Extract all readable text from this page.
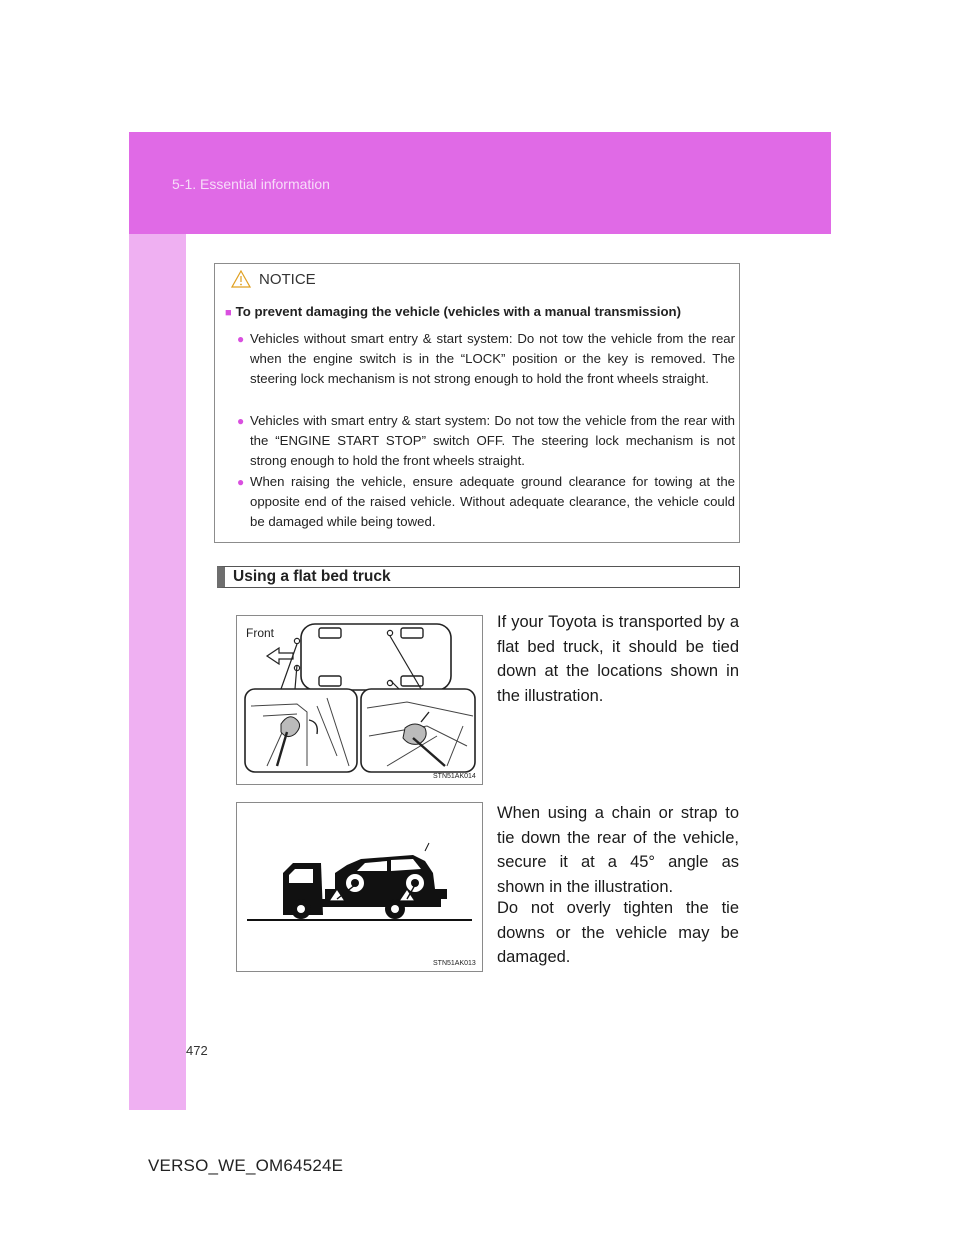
5-1. Essential information
NOTICE
■ To prevent damaging the vehicle (vehicles with a manual transmission)
● Vehicles without smart entry & start system: Do not tow the vehicle from the rear when the engine switch is in the “LOCK” position or the key is removed. The steering lock mechanism is not strong enough to hold the front wheels straight.
● Vehicles with smart entry & start system: Do not tow the vehicle from the rear with the “ENGINE START STOP” switch OFF. The steering lock mechanism is not strong enough to hold the front wheels straight.
● When raising the vehicle, ensure adequate ground clearance for towing at the opposite end of the raised vehicle. Without adequate clearance, the vehicle could be damaged while being towed.
Using a flat bed truck
Front
STN51AK014
STN51AK013

If your Toyota is transported by a flat bed truck, it should be tied down at the locations shown in the illustration.

When using a chain or strap to tie down the rear of the vehicle, secure it at a 45° angle as shown in the illustration.

Do not overly tighten the tie downs or the vehicle may be damaged.

472
VERSO_WE_OM64524E
